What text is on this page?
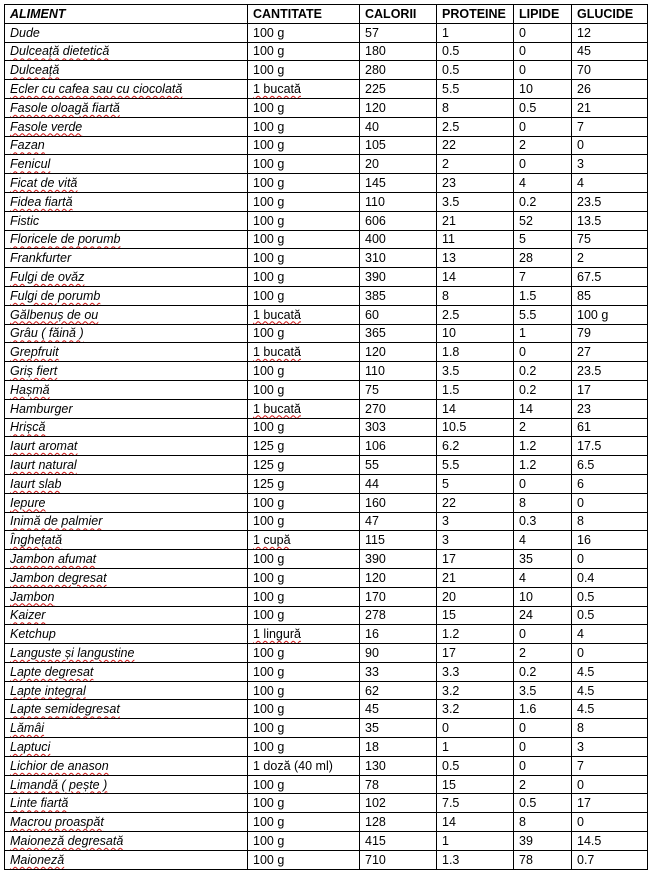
ALIMENT	CANTITATE	CALORII	PROTEINE	LIPIDE	GLUCIDE
Dude	100 g	57	1	0	12
Dulceață dietetică	100 g	180	0.5	0	45
Dulceață	100 g	280	0.5	0	70
Ecler cu cafea sau cu ciocolată	1 bucată	225	5.5	10	26
Fasole oloagă fiartă	100 g	120	8	0.5	21
Fasole verde	100 g	40	2.5	0	7
Fazan	100 g	105	22	2	0
Fenicul	100 g	20	2	0	3
Ficat de vită	100 g	145	23	4	4
Fidea fiartă	100 g	110	3.5	0.2	23.5
Fistic	100 g	606	21	52	13.5
Floricele de porumb	100 g	400	11	5	75
Frankfurter	100 g	310	13	28	2
Fulgi de ovăz	100 g	390	14	7	67.5
Fulgi de porumb	100 g	385	8	1.5	85
Gălbenuș de ou	1 bucată	60	2.5	5.5	100 g
Grâu ( făină )	100 g	365	10	1	79
Grepfruit	1 bucată	120	1.8	0	27
Griș fiert	100 g	110	3.5	0.2	23.5
Hașmă	100 g	75	1.5	0.2	17
Hamburger	1 bucată	270	14	14	23
Hrișcă	100 g	303	10.5	2	61
Iaurt aromat	125 g	106	6.2	1.2	17.5
Iaurt natural	125 g	55	5.5	1.2	6.5
Iaurt slab	125 g	44	5	0	6
Iepure	100 g	160	22	8	0
Inimă de palmier	100 g	47	3	0.3	8
Înghețată	1 cupă	115	3	4	16
Jambon afumat	100 g	390	17	35	0
Jambon degresat	100 g	120	21	4	0.4
Jambon	100 g	170	20	10	0.5
Kaizer	100 g	278	15	24	0.5
Ketchup	1 lingură	16	1.2	0	4
Languste și langustine	100 g	90	17	2	0
Lapte degresat	100 g	33	3.3	0.2	4.5
Lapte integral	100 g	62	3.2	3.5	4.5
Lapte semidegresat	100 g	45	3.2	1.6	4.5
Lămâi	100 g	35	0	0	8
Laptuci	100 g	18	1	0	3
Lichior de anason	1 doză (40 ml)	130	0.5	0	7
Limandă ( pește )	100 g	78	15	2	0
Linte fiartă	100 g	102	7.5	0.5	17
Macrou proaspăt	100 g	128	14	8	0
Maioneză degresată	100 g	415	1	39	14.5
Maioneză	100 g	710	1.3	78	0.7
